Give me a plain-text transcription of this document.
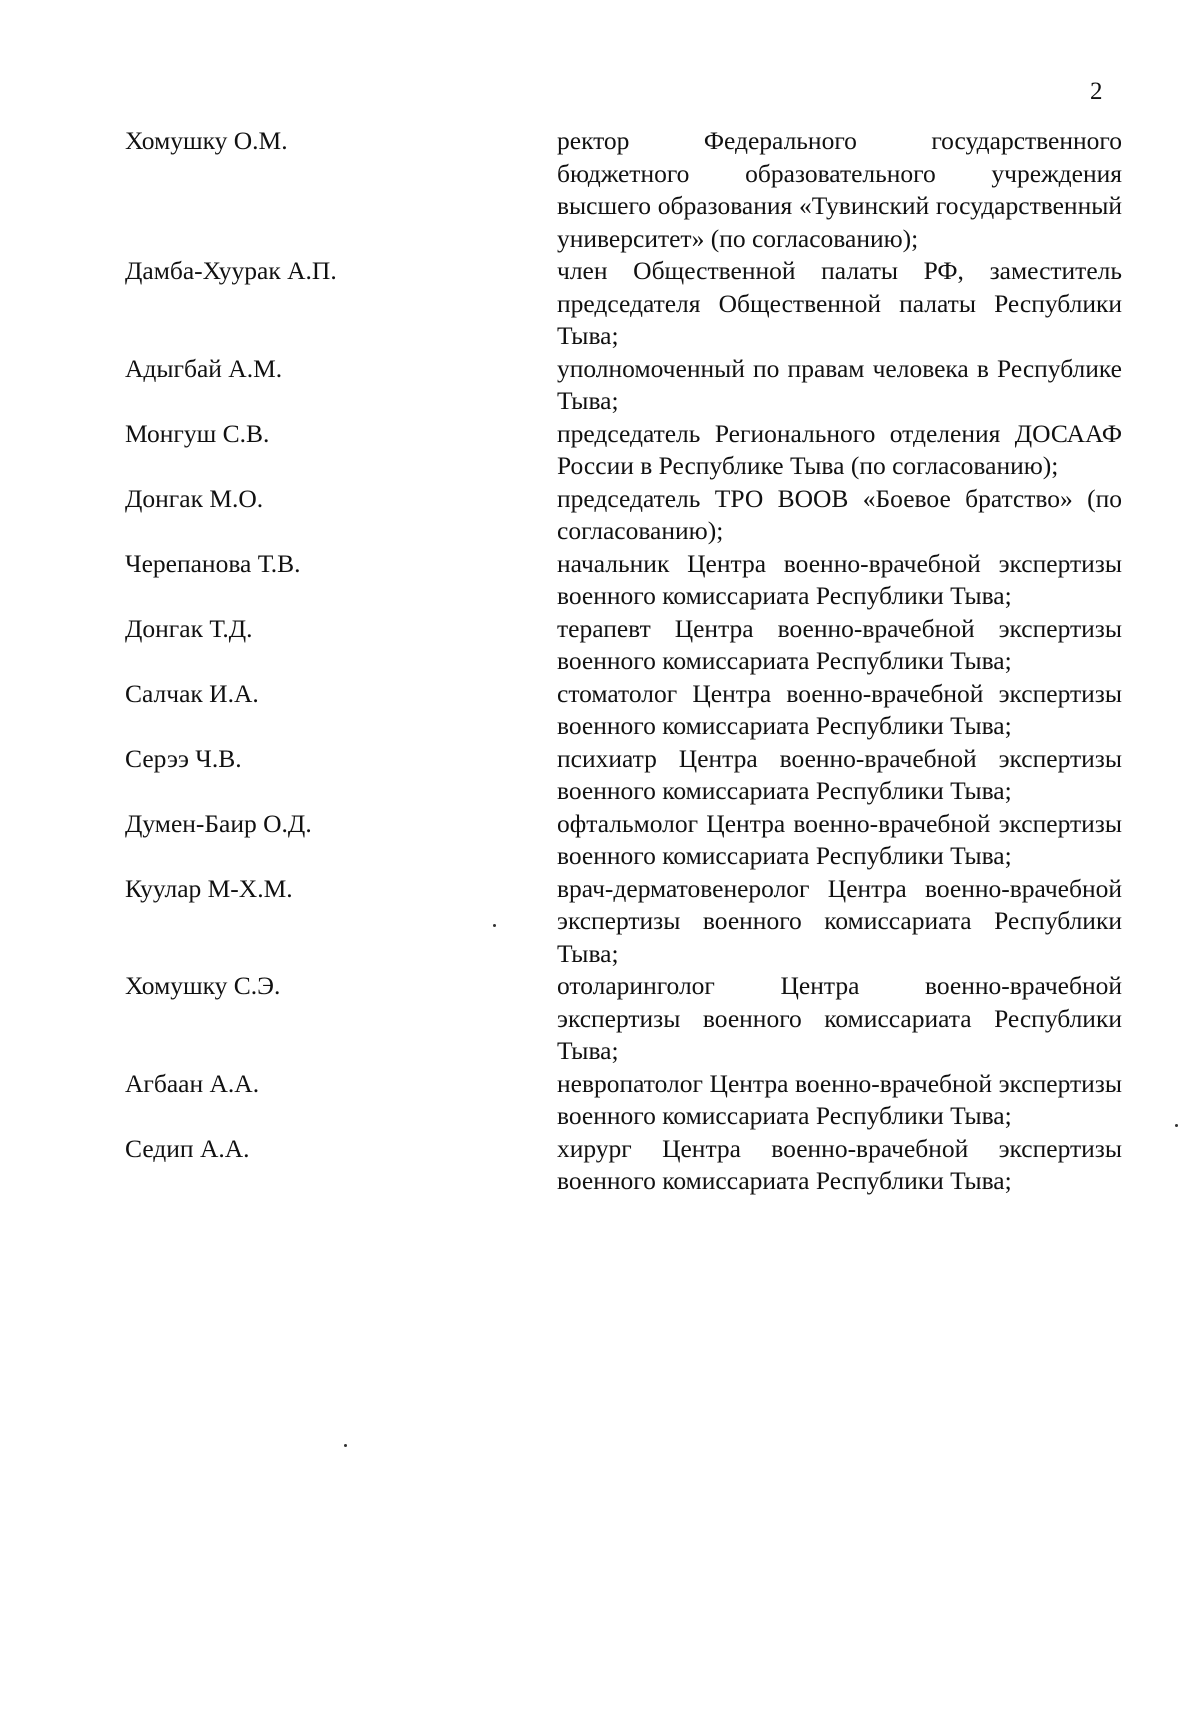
2
Хомушку О.М.	ректор Федерального государственного бюджетного образовательного учреждения высшего образования «Тувинский государственный университет» (по согласованию);
Дамба-Хуурак А.П.	член Общественной палаты РФ, заместитель председателя Общественной палаты Республики Тыва;
Адыгбай А.М.	уполномоченный по правам человека в Республике Тыва;
Монгуш С.В.	председатель Регионального отделения ДОСААФ России в Республике Тыва (по согласованию);
Донгак М.О.	председатель ТРО ВООВ «Боевое братство» (по согласованию);
Черепанова Т.В.	начальник Центра военно-врачебной экспертизы военного комиссариата Республики Тыва;
Донгак Т.Д.	терапевт Центра военно-врачебной экспертизы военного комиссариата Республики Тыва;
Салчак И.А.	стоматолог Центра военно-врачебной экспертизы военного комиссариата Республики Тыва;
Серээ Ч.В.	психиатр Центра военно-врачебной экспертизы военного комиссариата Республики Тыва;
Думен-Баир О.Д.	офтальмолог Центра военно-врачебной экспертизы военного комиссариата Республики Тыва;
Куулар М-Х.М.	врач-дерматовенеролог Центра военно-врачебной экспертизы военного комиссариата Республики Тыва;
Хомушку С.Э.	отоларинголог Центра военно-врачебной экспертизы военного комиссариата Республики Тыва;
Агбаан А.А.	невропатолог Центра военно-врачебной экспертизы военного комиссариата Республики Тыва;
Седип А.А.	хирург Центра военно-врачебной экспертизы военного комиссариата Республики Тыва;
